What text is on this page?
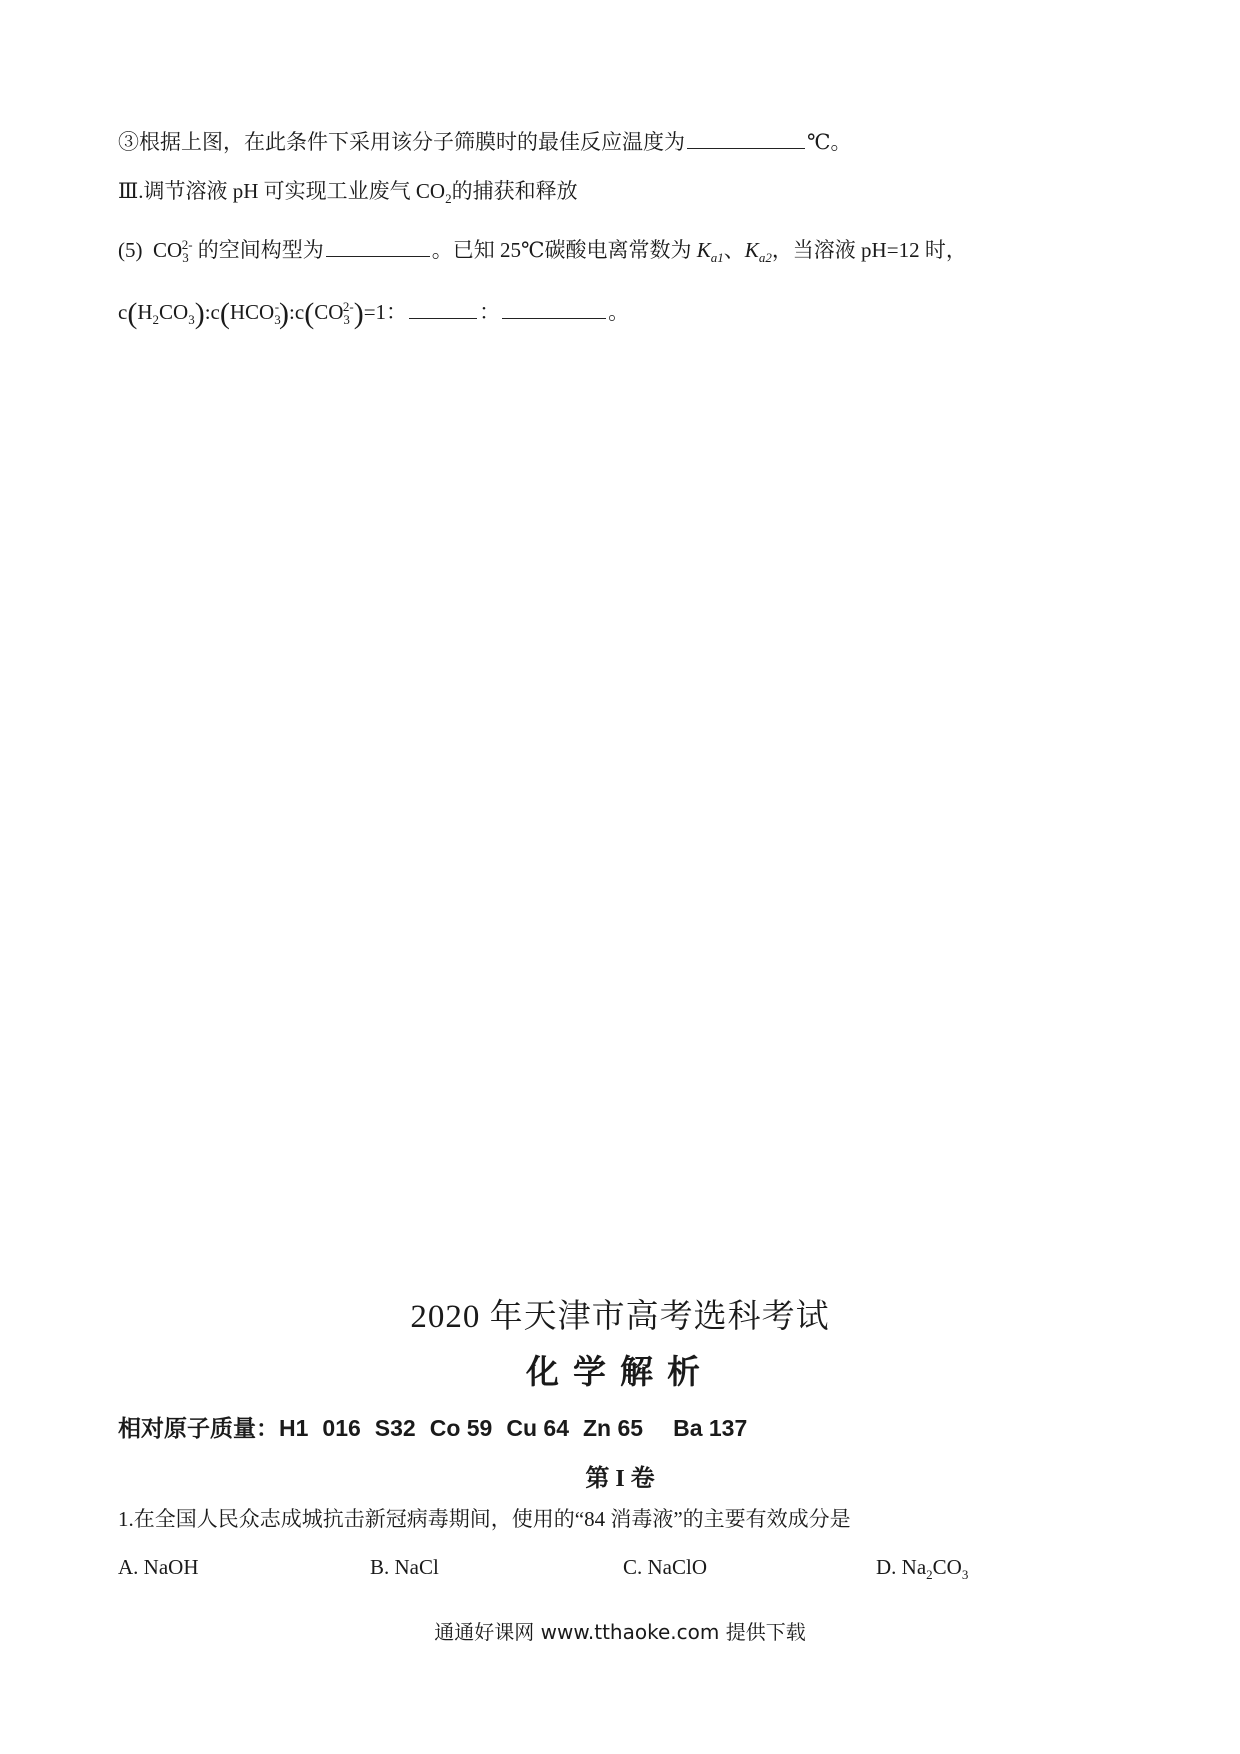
③根据上图，在此条件下采用该分子筛膜时的最佳反应温度为	℃。
Ⅲ.调节溶液 pH 可实现工业废气 $CO_2$的捕获和释放
(5) $CO_3^{2-}$ 的空间构型为	。已知 25℃碳酸电离常数为 $K_{a1}$、$K_{a2}$，当溶液 pH=12 时，
$c(H_2CO_3):c(HCO_3^-):c(CO_3^{2-})=1$：	：	。
2020 年天津市高考选科考试
化学解析
相对原子质量：H1 016 S32 Co 59 Cu 64 Zn 65 Ba 137
第 I 卷
1.在全国人民众志成城抗击新冠病毒期间，使用的“84 消毒液”的主要有效成分是
A. NaOH	B. NaCl	C. NaClO	D. $Na_2CO_3$
通通好课网 www.tthaoke.com 提供下载
